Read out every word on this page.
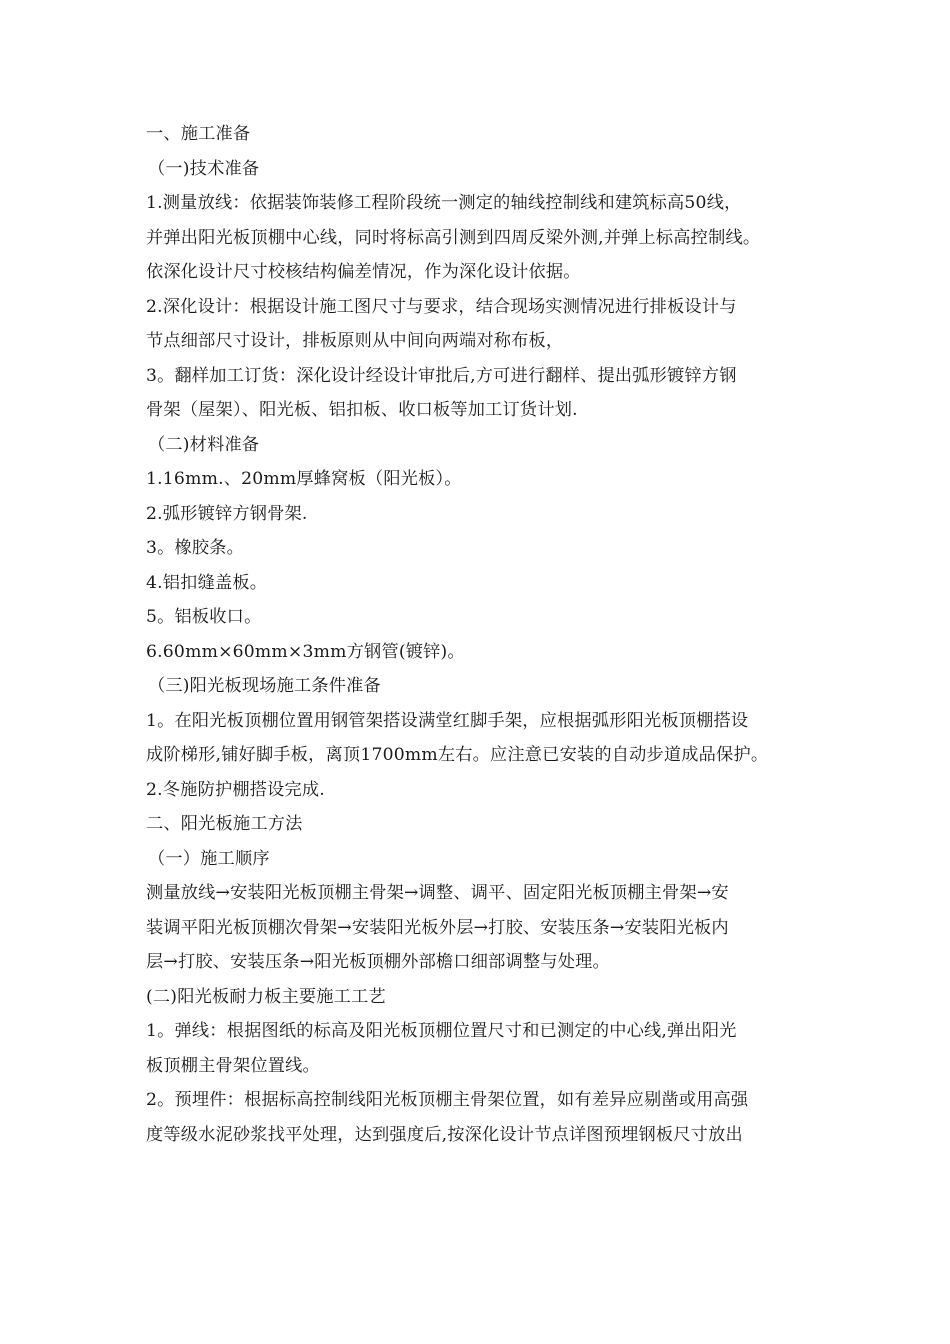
一、施工准备
（一)技术准备
1.测量放线：依据装饰装修工程阶段统一测定的轴线控制线和建筑标高50线，
并弹出阳光板顶棚中心线，同时将标高引测到四周反梁外测,并弹上标高控制线。
依深化设计尺寸校核结构偏差情况，作为深化设计依据。
2.深化设计：根据设计施工图尺寸与要求，结合现场实测情况进行排板设计与
节点细部尺寸设计，排板原则从中间向两端对称布板，
3。翻样加工订货：深化设计经设计审批后,方可进行翻样、提出弧形镀锌方钢
骨架（屋架）、阳光板、铝扣板、收口板等加工订货计划.
（二)材料准备
1.16mm.、20mm厚蜂窝板（阳光板）。
2.弧形镀锌方钢骨架.
3。橡胶条。
4.铝扣缝盖板。
5。铝板收口。
6.60mm×60mm×3mm方钢管(镀锌)。
（三)阳光板现场施工条件准备
1。在阳光板顶棚位置用钢管架搭设满堂红脚手架，应根据弧形阳光板顶棚搭设
成阶梯形,铺好脚手板，离顶1700mm左右。应注意已安装的自动步道成品保护。
2.冬施防护棚搭设完成.
二、阳光板施工方法
（一）施工顺序
测量放线→安装阳光板顶棚主骨架→调整、调平、固定阳光板顶棚主骨架→安
装调平阳光板顶棚次骨架→安装阳光板外层→打胶、安装压条→安装阳光板内
层→打胶、安装压条→阳光板顶棚外部檐口细部调整与处理。
(二)阳光板耐力板主要施工工艺
1。弹线：根据图纸的标高及阳光板顶棚位置尺寸和已测定的中心线,弹出阳光
板顶棚主骨架位置线。
2。预埋件：根据标高控制线阳光板顶棚主骨架位置，如有差异应剔凿或用高强
度等级水泥砂浆找平处理，达到强度后,按深化设计节点详图预埋钢板尺寸放出
